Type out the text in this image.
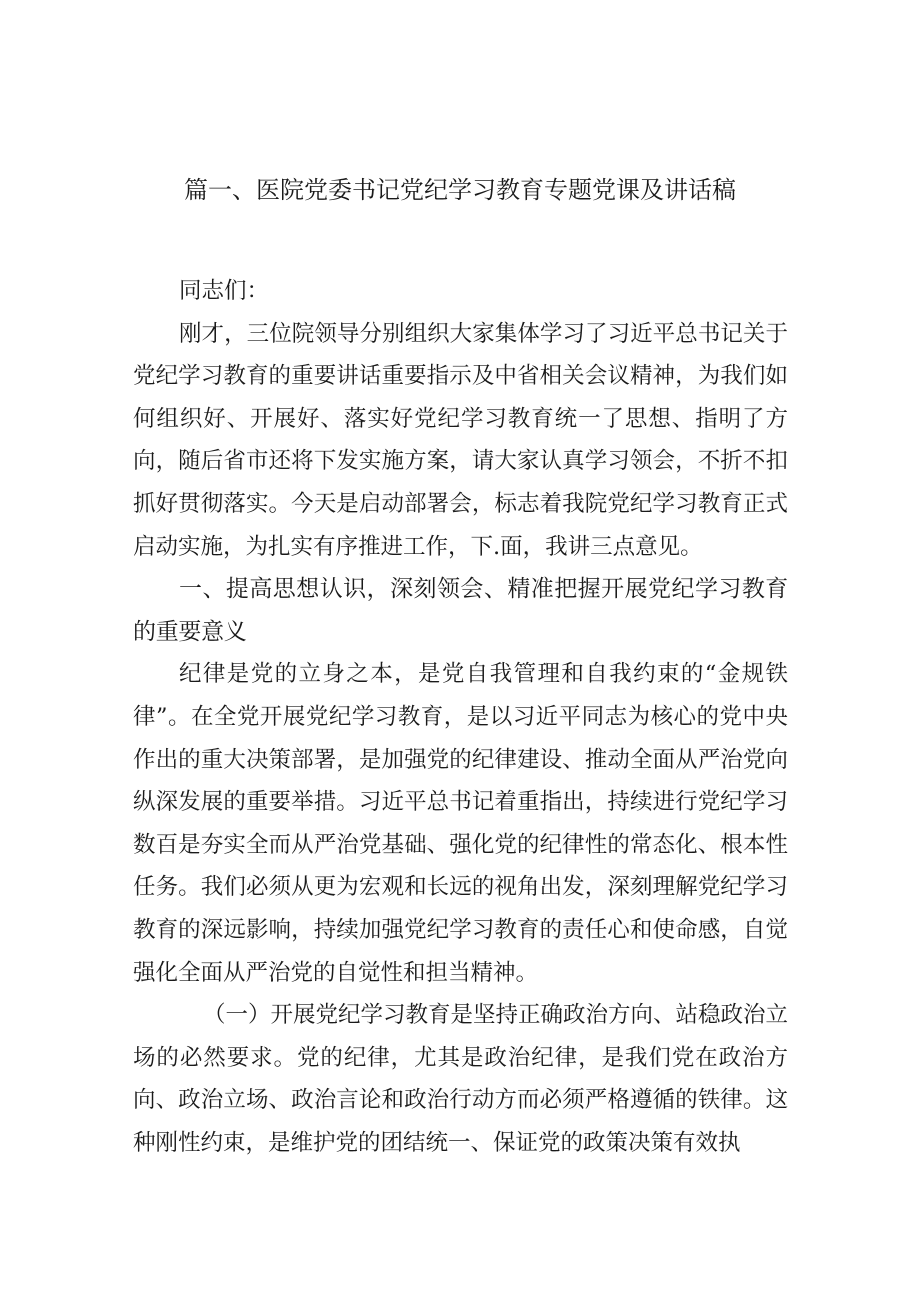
篇一、医院党委书记党纪学习教育专题党课及讲话稿

同志们：

刚才，三位院领导分别组织大家集体学习了习近平总书记关于党纪学习教育的重要讲话重要指示及中省相关会议精神，为我们如何组织好、开展好、落实好党纪学习教育统一了思想、指明了方向，随后省市还将下发实施方案，请大家认真学习领会，不折不扣抓好贯彻落实。今天是启动部署会，标志着我院党纪学习教育正式启动实施，为扎实有序推进工作，下.面，我讲三点意见。

一、提高思想认识，深刻领会、精准把握开展党纪学习教育的重要意义

纪律是党的立身之本，是党自我管理和自我约束的“金规铁律”。在全党开展党纪学习教育，是以习近平同志为核心的党中央作出的重大决策部署，是加强党的纪律建设、推动全面从严治党向纵深发展的重要举措。习近平总书记着重指出，持续进行党纪学习数百是夯实全而从严治党基础、强化党的纪律性的常态化、根本性任务。我们必须从更为宏观和长远的视角出发，深刻理解党纪学习教育的深远影响，持续加强党纪学习教育的责任心和使命感，自觉强化全面从严治党的自觉性和担当精神。

（一）开展党纪学习教育是坚持正确政治方向、站稳政治立场的必然要求。党的纪律，尤其是政治纪律，是我们党在政治方向、政治立场、政治言论和政治行动方而必须严格遵循的铁律。这种刚性约束，是维护党的团结统一、保证党的政策决策有效执
